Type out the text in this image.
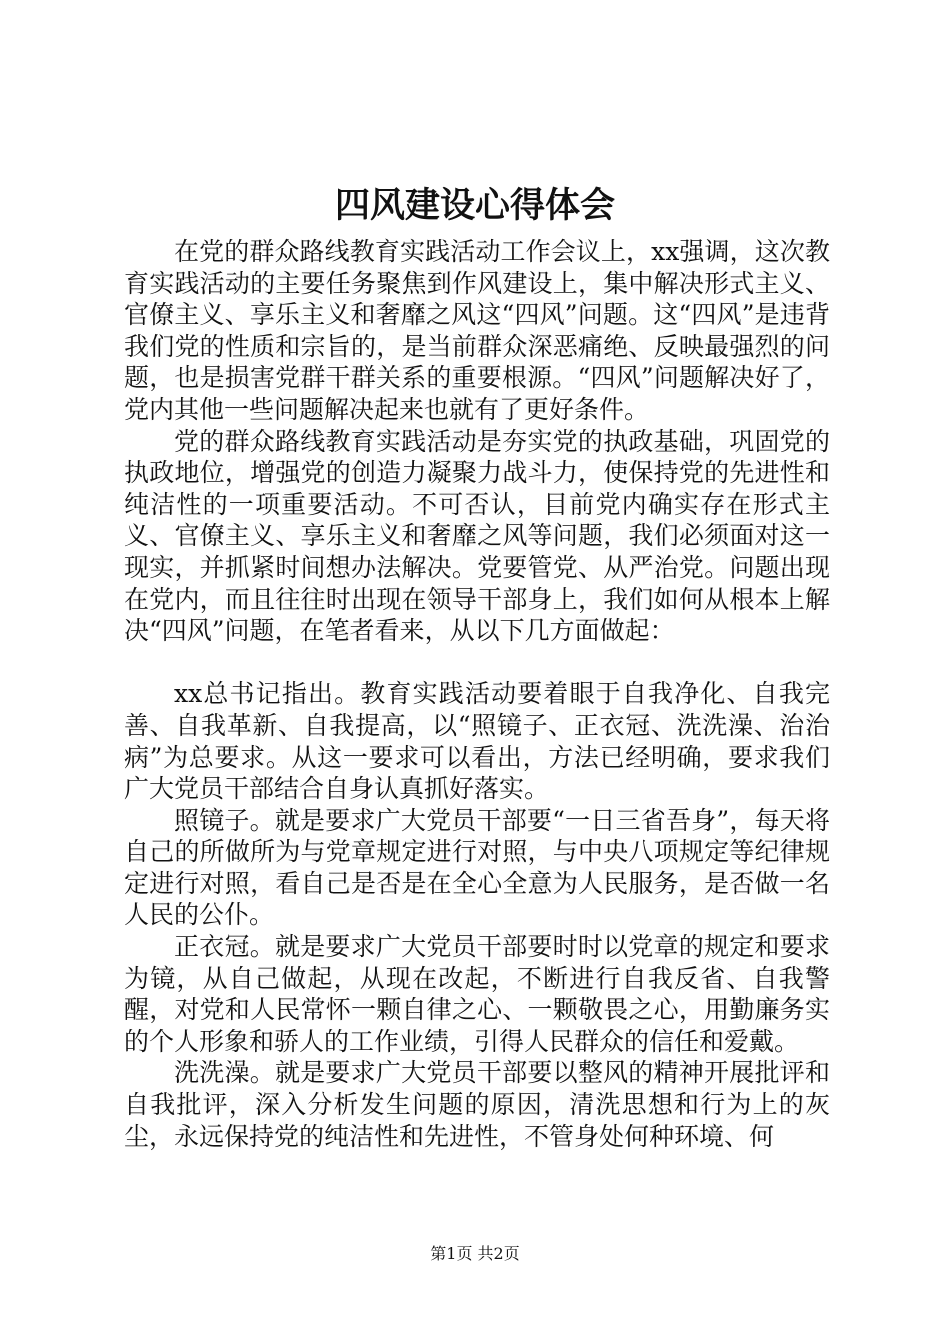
四风建设心得体会

在党的群众路线教育实践活动工作会议上，xx强调，这次教育实践活动的主要任务聚焦到作风建设上，集中解决形式主义、官僚主义、享乐主义和奢靡之风这“四风”问题。这“四风”是违背我们党的性质和宗旨的，是当前群众深恶痛绝、反映最强烈的问题，也是损害党群干群关系的重要根源。“四风”问题解决好了，党内其他一些问题解决起来也就有了更好条件。

党的群众路线教育实践活动是夯实党的执政基础，巩固党的执政地位，增强党的创造力凝聚力战斗力，使保持党的先进性和纯洁性的一项重要活动。不可否认，目前党内确实存在形式主义、官僚主义、享乐主义和奢靡之风等问题，我们必须面对这一现实，并抓紧时间想办法解决。党要管党、从严治党。问题出现在党内，而且往往时出现在领导干部身上，我们如何从根本上解决“四风”问题，在笔者看来，从以下几方面做起：

xx总书记指出。教育实践活动要着眼于自我净化、自我完善、自我革新、自我提高，以“照镜子、正衣冠、洗洗澡、治治病”为总要求。从这一要求可以看出，方法已经明确，要求我们广大党员干部结合自身认真抓好落实。

照镜子。就是要求广大党员干部要“一日三省吾身”，每天将自己的所做所为与党章规定进行对照，与中央八项规定等纪律规定进行对照，看自己是否是在全心全意为人民服务，是否做一名人民的公仆。

正衣冠。就是要求广大党员干部要时时以党章的规定和要求为镜，从自己做起，从现在改起，不断进行自我反省、自我警醒，对党和人民常怀一颗自律之心、一颗敬畏之心，用勤廉务实的个人形象和骄人的工作业绩，引得人民群众的信任和爱戴。

洗洗澡。就是要求广大党员干部要以整风的精神开展批评和自我批评，深入分析发生问题的原因，清洗思想和行为上的灰尘，永远保持党的纯洁性和先进性，不管身处何种环境、何

第1页 共2页
